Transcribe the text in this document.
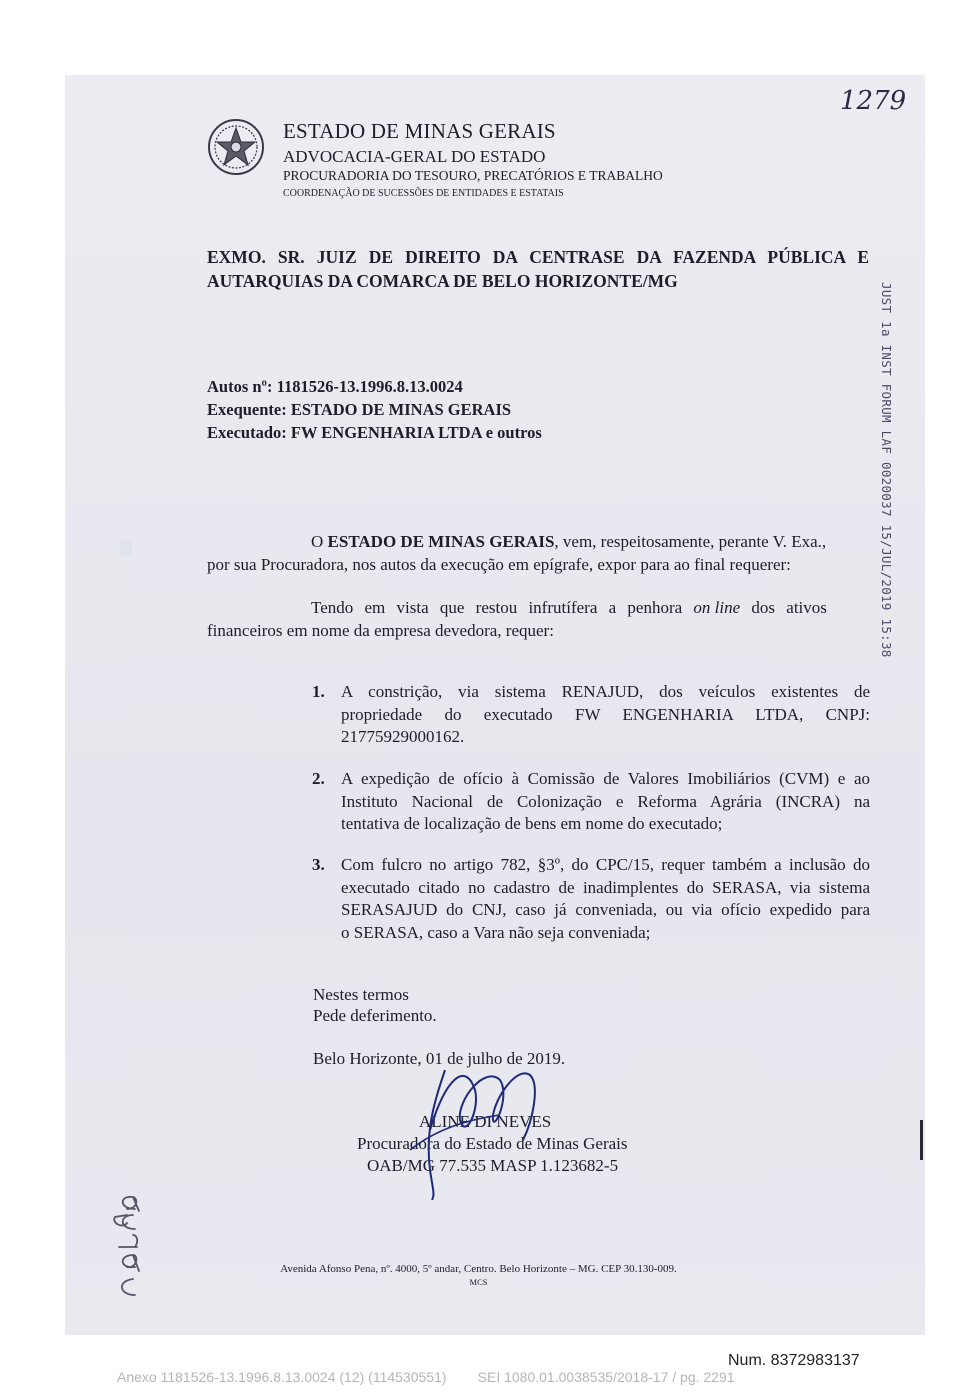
ESTADO DE MINAS GERAIS
ADVOCACIA-GERAL DO ESTADO
PROCURADORIA DO TESOURO, PRECATÓRIOS E TRABALHO
COORDENAÇÃO DE SUCESSÕES DE ENTIDADES E ESTATAIS
1279
EXMO. SR. JUIZ DE DIREITO DA CENTRASE DA FAZENDA PÚBLICA E
AUTARQUIAS DA COMARCA DE BELO HORIZONTE/MG
Autos nº: 1181526-13.1996.8.13.0024
Exequente: ESTADO DE MINAS GERAIS
Executado: FW ENGENHARIA LTDA e outros
O ESTADO DE MINAS GERAIS, vem, respeitosamente, perante V. Exa.,
por sua Procuradora, nos autos da execução em epígrafe, expor para ao final requerer:
Tendo em vista que restou infrutífera a penhora on line dos ativos
financeiros em nome da empresa devedora, requer:
1. A constrição, via sistema RENAJUD, dos veículos existentes de
propriedade do executado FW ENGENHARIA LTDA, CNPJ:
21775929000162.
2. A expedição de ofício à Comissão de Valores Imobiliários (CVM) e ao
Instituto Nacional de Colonização e Reforma Agrária (INCRA) na
tentativa de localização de bens em nome do executado;
3. Com fulcro no artigo 782, §3º, do CPC/15, requer também a inclusão do
executado citado no cadastro de inadimplentes do SERASA, via sistema
SERASAJUD do CNJ, caso já conveniada, ou via ofício expedido para
o SERASA, caso a Vara não seja conveniada;
Nestes termos
Pede deferimento.
Belo Horizonte, 01 de julho de 2019.
ALINE DI NEVES
Procuradora do Estado de Minas Gerais
OAB/MG 77.535 MASP 1.123682-5
JUST 1a INST FORUM LAF 0020037 15/JUL/2019 15:38
carga
Avenida Afonso Pena, nº. 4000, 5º andar, Centro. Belo Horizonte – MG. CEP 30.130-009.
MCS
Num. 8372983137
Anexo 1181526-13.1996.8.13.0024 (12) (114530551)        SEI 1080.01.0038535/2018-17 / pg. 2291
